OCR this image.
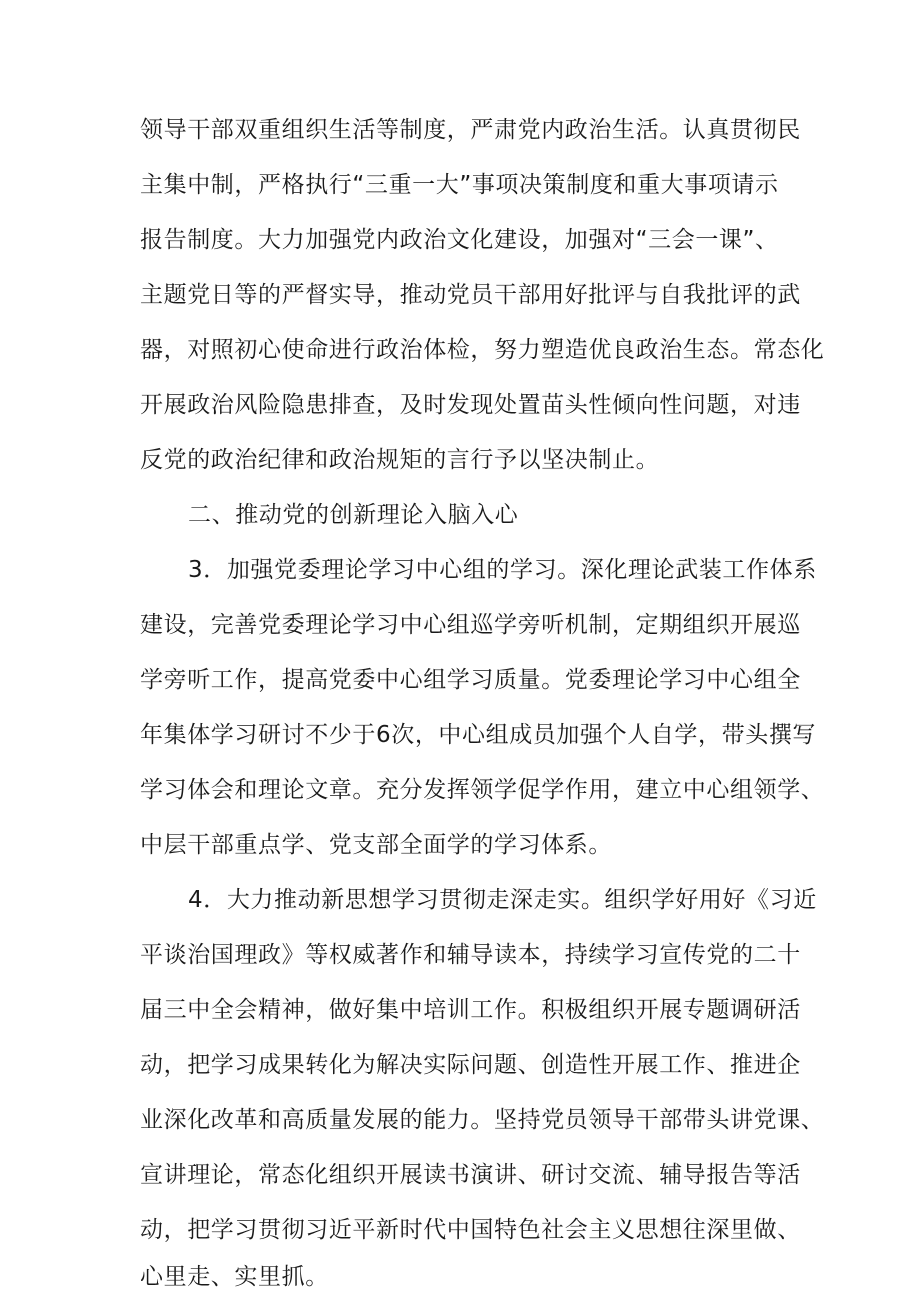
领导干部双重组织生活等制度，严肃党内政治生活。认真贯彻民
主集中制，严格执行“三重一大”事项决策制度和重大事项请示
报告制度。大力加强党内政治文化建设，加强对“三会一课”、
主题党日等的严督实导，推动党员干部用好批评与自我批评的武
器，对照初心使命进行政治体检，努力塑造优良政治生态。常态化
开展政治风险隐患排查，及时发现处置苗头性倾向性问题，对违
反党的政治纪律和政治规矩的言行予以坚决制止。
二、推动党的创新理论入脑入心
3．加强党委理论学习中心组的学习。深化理论武装工作体系
建设，完善党委理论学习中心组巡学旁听机制，定期组织开展巡
学旁听工作，提高党委中心组学习质量。党委理论学习中心组全
年集体学习研讨不少于6次，中心组成员加强个人自学，带头撰写
学习体会和理论文章。充分发挥领学促学作用，建立中心组领学、
中层干部重点学、党支部全面学的学习体系。
4．大力推动新思想学习贯彻走深走实。组织学好用好《习近
平谈治国理政》等权威著作和辅导读本，持续学习宣传党的二十
届三中全会精神，做好集中培训工作。积极组织开展专题调研活
动，把学习成果转化为解决实际问题、创造性开展工作、推进企
业深化改革和高质量发展的能力。坚持党员领导干部带头讲党课、
宣讲理论，常态化组织开展读书演讲、研讨交流、辅导报告等活
动，把学习贯彻习近平新时代中国特色社会主义思想往深里做、
心里走、实里抓。
